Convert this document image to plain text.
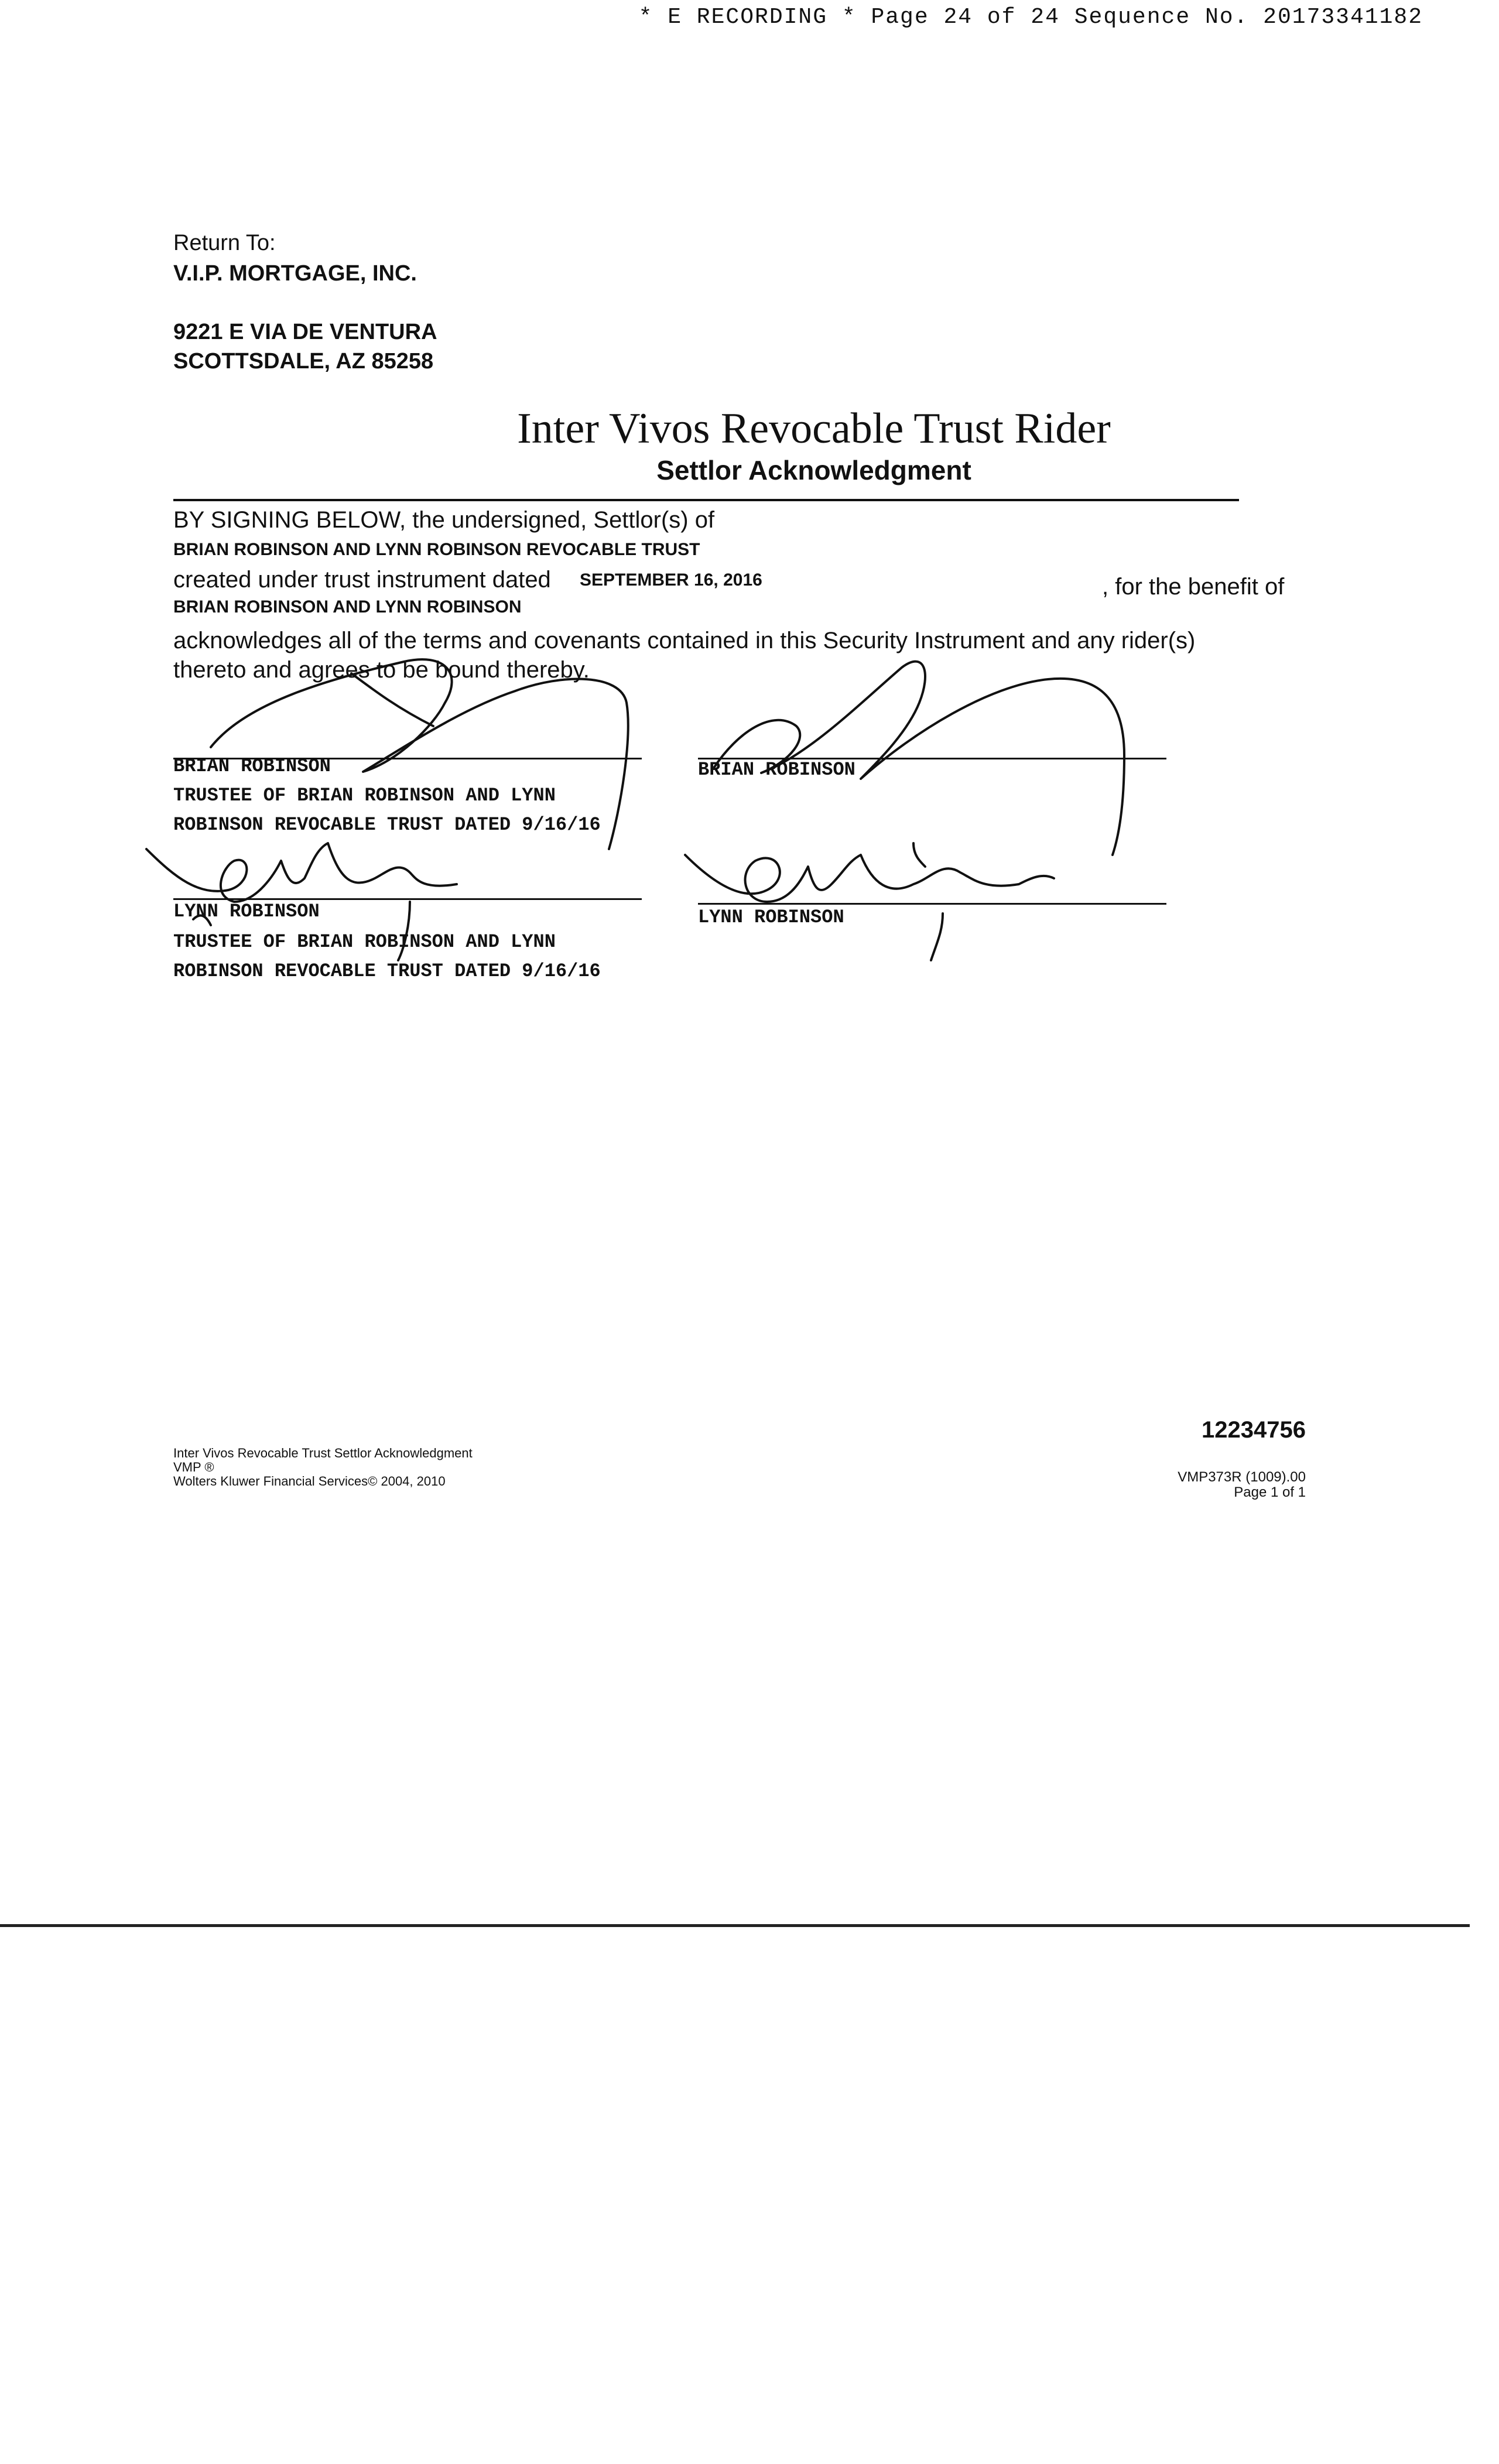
* E RECORDING * Page 24 of 24 Sequence No. 20173341182
Return To:
V.I.P. MORTGAGE, INC.
9221 E VIA DE VENTURA
SCOTTSDALE, AZ 85258
Inter Vivos Revocable Trust Rider
Settlor Acknowledgment
BY SIGNING BELOW, the undersigned, Settlor(s) of
BRIAN ROBINSON AND LYNN ROBINSON REVOCABLE TRUST
created under trust instrument dated SEPTEMBER 16, 2016	, for the benefit of
BRIAN ROBINSON AND LYNN ROBINSON
acknowledges all of the terms and covenants contained in this Security Instrument and any rider(s)
thereto and agrees to be bound thereby.
BRIAN ROBINSON
TRUSTEE OF BRIAN ROBINSON AND LYNN
ROBINSON REVOCABLE TRUST DATED 9/16/16
BRIAN ROBINSON
LYNN ROBINSON
TRUSTEE OF BRIAN ROBINSON AND LYNN
ROBINSON REVOCABLE TRUST DATED 9/16/16
LYNN ROBINSON
Inter Vivos Revocable Trust Settlor Acknowledgment
VMP ®
Wolters Kluwer Financial Services© 2004, 2010
12234756
VMP373R (1009).00
Page 1 of 1
